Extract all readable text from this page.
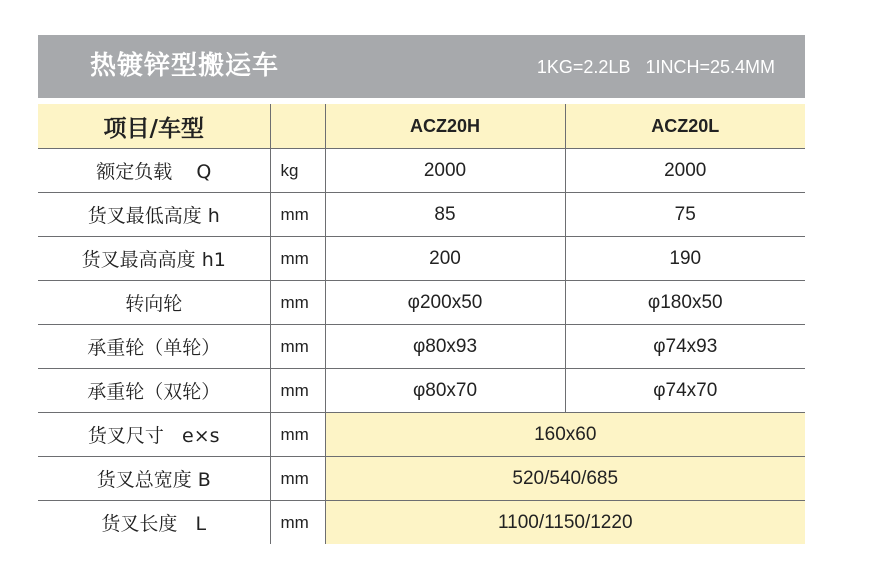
热镀锌型搬运车	1KG=2.2LB   1INCH=25.4MM
项目/车型		ACZ20H	ACZ20L
额定负载    Q	kg	2000	2000
货叉最低高度 h	mm	85	75
货叉最高高度 h1	mm	200	190
转向轮	mm	φ200x50	φ180x50
承重轮（单轮）	mm	φ80x93	φ74x93
承重轮（双轮）	mm	φ80x70	φ74x70
货叉尺寸   e×s	mm	160x60	
货叉总宽度 B	mm	520/540/685	
货叉长度   L	mm	1100/1150/1220	
